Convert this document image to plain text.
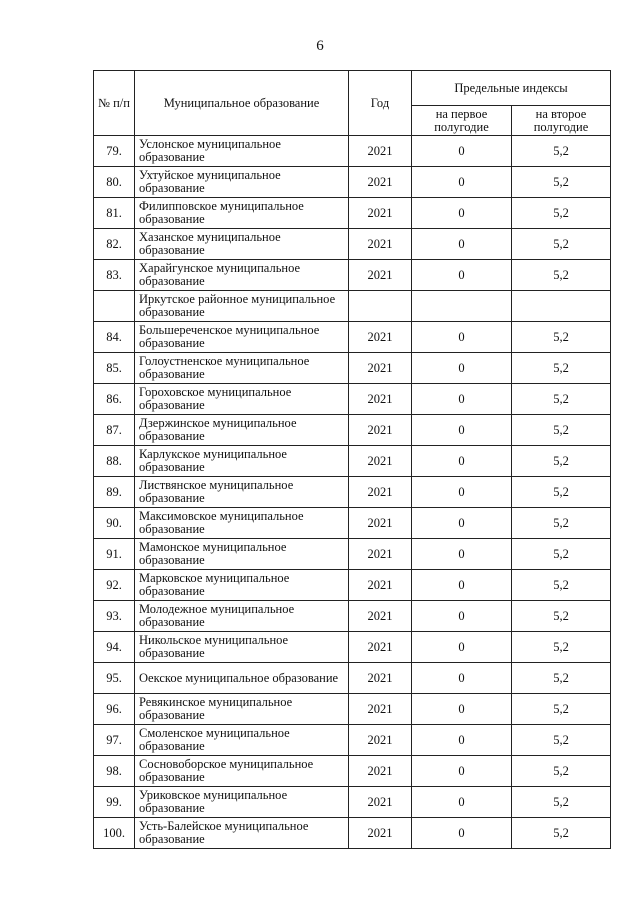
6
№ п/п	Муниципальное образование	Год	Предельные индексы	
			на первое полугодие	на второе полугодие
79.	Услонское муниципальное образование	2021	0	5,2
80.	Ухтуйское муниципальное образование	2021	0	5,2
81.	Филипповское муниципальное образование	2021	0	5,2
82.	Хазанское муниципальное образование	2021	0	5,2
83.	Харайгунское муниципальное образование	2021	0	5,2
	Иркутское районное муниципальное образование			
84.	Большереченское муниципальное образование	2021	0	5,2
85.	Голоустненское муниципальное образование	2021	0	5,2
86.	Гороховское муниципальное образование	2021	0	5,2
87.	Дзержинское муниципальное образование	2021	0	5,2
88.	Карлукское муниципальное образование	2021	0	5,2
89.	Листвянское муниципальное образование	2021	0	5,2
90.	Максимовское муниципальное образование	2021	0	5,2
91.	Мамонское муниципальное образование	2021	0	5,2
92.	Марковское муниципальное образование	2021	0	5,2
93.	Молодежное муниципальное образование	2021	0	5,2
94.	Никольское муниципальное образование	2021	0	5,2
95.	Оекское муниципальное образование	2021	0	5,2
96.	Ревякинское муниципальное образование	2021	0	5,2
97.	Смоленское муниципальное образование	2021	0	5,2
98.	Сосновоборское муниципальное образование	2021	0	5,2
99.	Уриковское муниципальное образование	2021	0	5,2
100.	Усть-Балейское муниципальное образование	2021	0	5,2
